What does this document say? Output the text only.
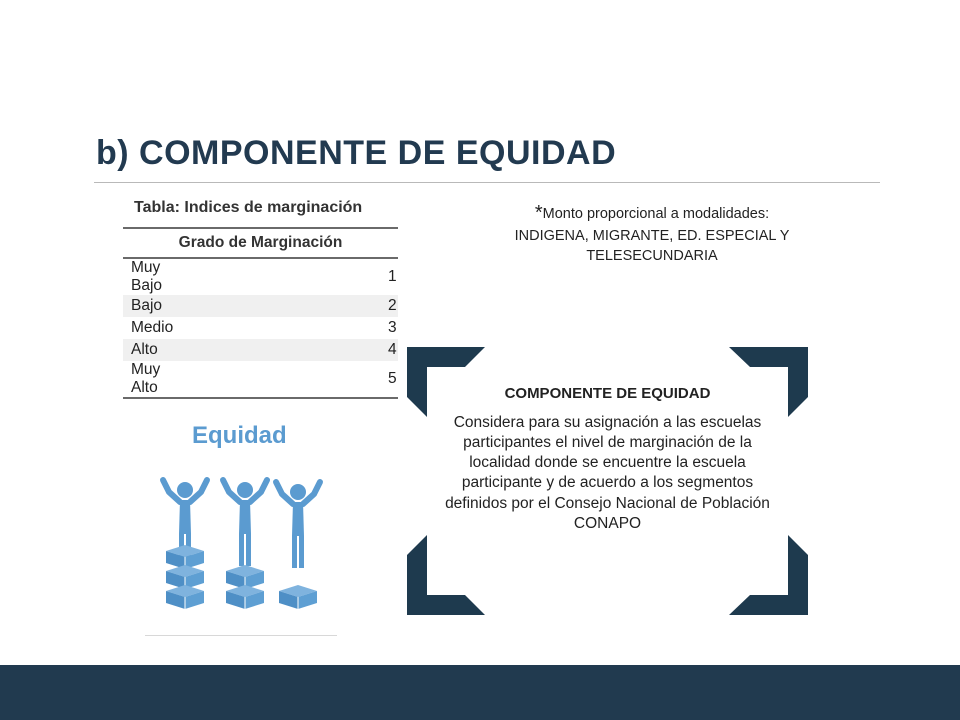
b) COMPONENTE DE EQUIDAD
Tabla: Indices de marginación
Grado de Marginación	
Muy Bajo	1
Bajo	2
Medio	3
Alto	4
Muy Alto	5
*Monto proporcional a modalidades:
INDIGENA, MIGRANTE, ED. ESPECIAL Y
TELESECUNDARIA
Equidad
COMPONENTE DE EQUIDAD
Considera para su asignación a las escuelas participantes el nivel de marginación de la localidad donde se encuentre la escuela participante y de acuerdo a los segmentos definidos por el Consejo Nacional de Población CONAPO
